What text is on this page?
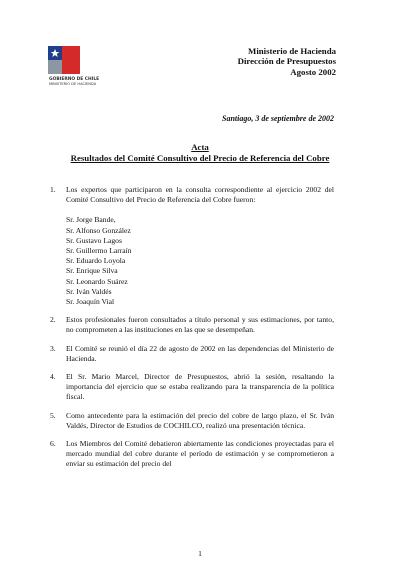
GOBIERNO DE CHILE
MINISTERIO DE HACIENDA
Ministerio de Hacienda
Dirección de Presupuestos
Agosto 2002
Santiago, 3 de septiembre de 2002
Acta
Resultados del Comité Consultivo del Precio de Referencia del Cobre
1. Los expertos que participaron en la consulta correspondiente al ejercicio 2002 del Comité Consultivo del Precio de Referencia del Cobre fueron:
Sr. Jorge Bande,
Sr. Alfonso González
Sr. Gustavo Lagos
Sr. Guillermo Larraín
Sr. Eduardo Loyola
Sr. Enrique Silva
Sr. Leonardo Suárez
Sr. Iván Valdés
Sr. Joaquín Vial
2. Estos profesionales fueron consultados a título personal y sus estimaciones, por tanto, no comprometen a las instituciones en las que se desempeñan.
3. El Comité se reunió el día 22 de agosto de 2002 en las dependencias del Ministerio de Hacienda.
4. El Sr. Mario Marcel, Director de Presupuestos, abrió la sesión, resaltando la importancia del ejercicio que se estaba realizando para la transparencia de la política fiscal.
5. Como antecedente para la estimación del precio del cobre de largo plazo, el Sr. Iván Valdés, Director de Estudios de COCHILCO, realizó una presentación técnica.
6. Los Miembros del Comité debatieron abiertamente las condiciones proyectadas para el mercado mundial del cobre durante el período de estimación y se comprometieron a enviar su estimación del precio del
1
